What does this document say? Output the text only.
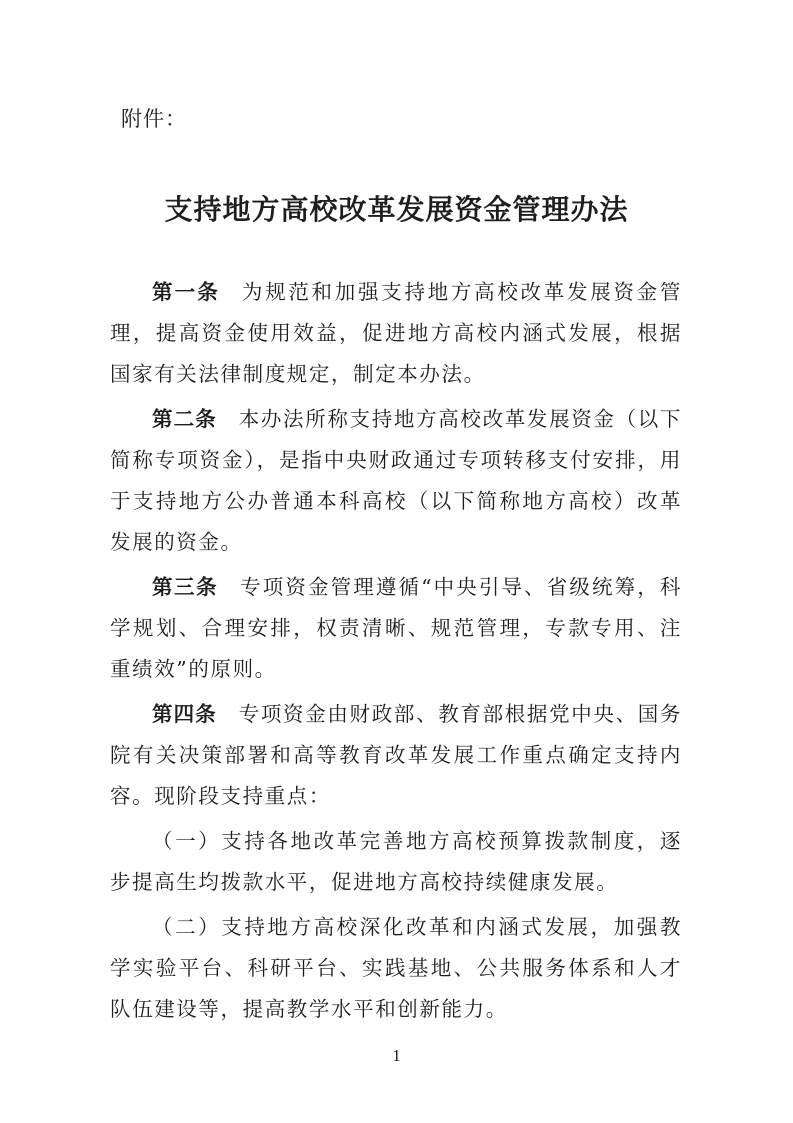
附件：
支持地方高校改革发展资金管理办法

第一条 为规范和加强支持地方高校改革发展资金管理，提高资金使用效益，促进地方高校内涵式发展，根据国家有关法律制度规定，制定本办法。

第二条 本办法所称支持地方高校改革发展资金（以下简称专项资金），是指中央财政通过专项转移支付安排，用于支持地方公办普通本科高校（以下简称地方高校）改革发展的资金。

第三条 专项资金管理遵循“中央引导、省级统筹，科学规划、合理安排，权责清晰、规范管理，专款专用、注重绩效”的原则。

第四条 专项资金由财政部、教育部根据党中央、国务院有关决策部署和高等教育改革发展工作重点确定支持内容。现阶段支持重点：

（一）支持各地改革完善地方高校预算拨款制度，逐步提高生均拨款水平，促进地方高校持续健康发展。

（二）支持地方高校深化改革和内涵式发展，加强教学实验平台、科研平台、实践基地、公共服务体系和人才队伍建设等，提高教学水平和创新能力。

1
